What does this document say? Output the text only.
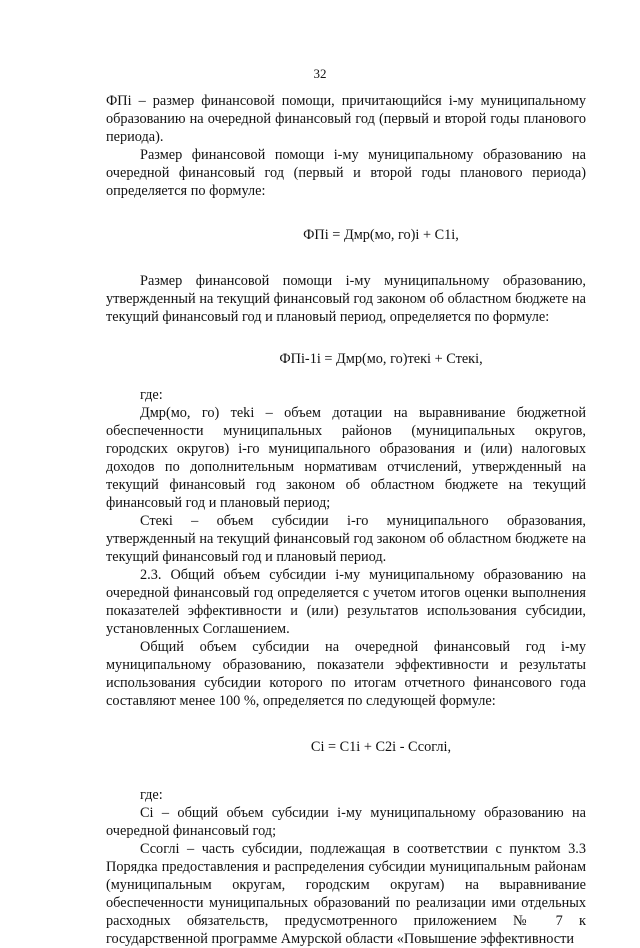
32

ФПi – размер финансовой помощи, причитающийся i-му муниципальному образованию на очередной финансовый год (первый и второй годы планового периода).

Размер финансовой помощи i-му муниципальному образованию на очередной финансовый год (первый и второй годы планового периода) определяется по формуле:

ФПi = Дмр(мо, го)i + С1i,

Размер финансовой помощи i-му муниципальному образованию, утвержденный на текущий финансовый год законом об областном бюджете на текущий финансовый год и плановый период, определяется по формуле:

ФПi-1i = Дмр(мо, го)текі + Стекі,

где:

Дмр(мо, го) теkі – объем дотации на выравнивание бюджетной обеспеченности муниципальных районов (муниципальных округов, городских округов) i-го муниципального образования и (или) налоговых доходов по дополнительным нормативам отчислений, утвержденный на текущий финансовый год законом об областном бюджете на текущий финансовый год и плановый период;

Стекі – объем субсидии i-го муниципального образования, утвержденный на текущий финансовый год законом об областном бюджете на текущий финансовый год и плановый период.

2.3. Общий объем субсидии i-му муниципальному образованию на очередной финансовый год определяется с учетом итогов оценки выполнения показателей эффективности и (или) результатов использования субсидии, установленных Соглашением.

Общий объем субсидии на очередной финансовый год i-му муниципальному образованию, показатели эффективности и результаты использования субсидии которого по итогам отчетного финансового года составляют менее 100 %, определяется по следующей формуле:

Сi = С1i + С2i - Ссоглi,

где:

Сi – общий объем субсидии i-му муниципальному образованию на очередной финансовый год;

Ссоглi – часть субсидии, подлежащая в соответствии с пунктом 3.3 Порядка предоставления и распределения субсидии муниципальным районам (муниципальным округам, городским округам) на выравнивание обеспеченности муниципальных образований по реализации ими отдельных расходных обязательств, предусмотренного приложением № 7 к государственной программе Амурской области «Повышение эффективности
